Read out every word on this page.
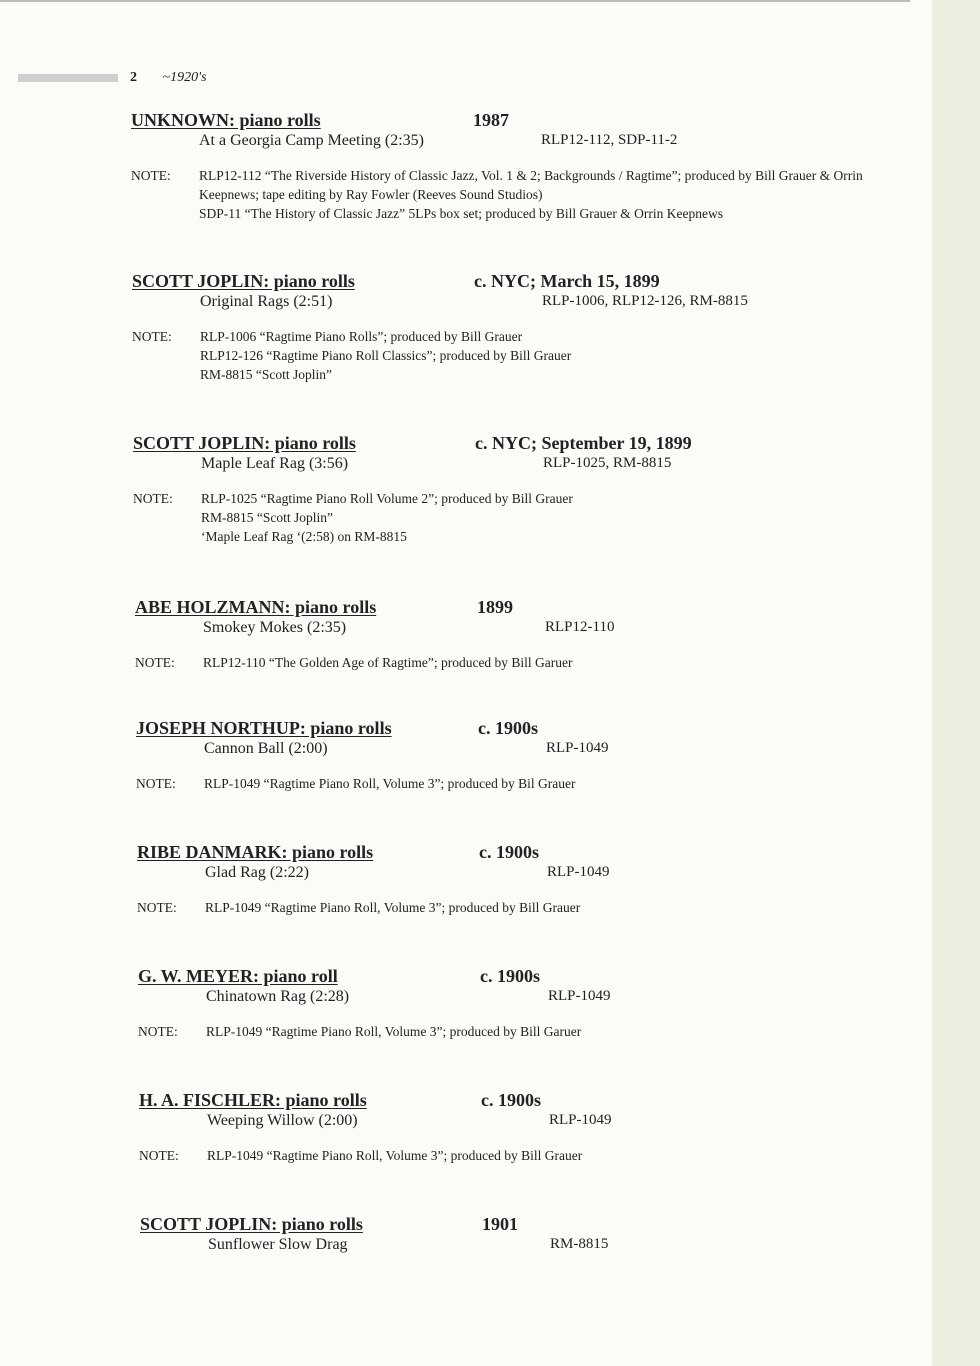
2 ~1920's
UNKNOWN: piano rolls	1987
At a Georgia Camp Meeting (2:35)	RLP12-112, SDP-11-2
NOTE: RLP12-112 “The Riverside History of Classic Jazz, Vol. 1 & 2; Backgrounds / Ragtime”; produced by Bill Grauer & Orrin Keepnews; tape editing by Ray Fowler (Reeves Sound Studios)
SDP-11 “The History of Classic Jazz” 5LPs box set; produced by Bill Grauer & Orrin Keepnews
SCOTT JOPLIN: piano rolls	c. NYC; March 15, 1899
Original Rags (2:51)	RLP-1006, RLP12-126, RM-8815
NOTE: RLP-1006 “Ragtime Piano Rolls”; produced by Bill Grauer
RLP12-126 “Ragtime Piano Roll Classics”; produced by Bill Grauer
RM-8815 “Scott Joplin”
SCOTT JOPLIN: piano rolls	c. NYC; September 19, 1899
Maple Leaf Rag (3:56)	RLP-1025, RM-8815
NOTE: RLP-1025 “Ragtime Piano Roll Volume 2”; produced by Bill Grauer
RM-8815 “Scott Joplin”
‘Maple Leaf Rag ‘(2:58) on RM-8815
ABE HOLZMANN: piano rolls	1899
Smokey Mokes (2:35)	RLP12-110
NOTE: RLP12-110 “The Golden Age of Ragtime”; produced by Bill Garuer
JOSEPH NORTHUP: piano rolls	c. 1900s
Cannon Ball (2:00)	RLP-1049
NOTE: RLP-1049 “Ragtime Piano Roll, Volume 3”; produced by Bil Grauer
RIBE DANMARK: piano rolls	c. 1900s
Glad Rag (2:22)	RLP-1049
NOTE: RLP-1049 “Ragtime Piano Roll, Volume 3”; produced by Bill Grauer
G. W. MEYER: piano roll	c. 1900s
Chinatown Rag (2:28)	RLP-1049
NOTE: RLP-1049 “Ragtime Piano Roll, Volume 3”; produced by Bill Garuer
H. A. FISCHLER: piano rolls	c. 1900s
Weeping Willow (2:00)	RLP-1049
NOTE: RLP-1049 “Ragtime Piano Roll, Volume 3”; produced by Bill Grauer
SCOTT JOPLIN: piano rolls	1901
Sunflower Slow Drag	RM-8815
